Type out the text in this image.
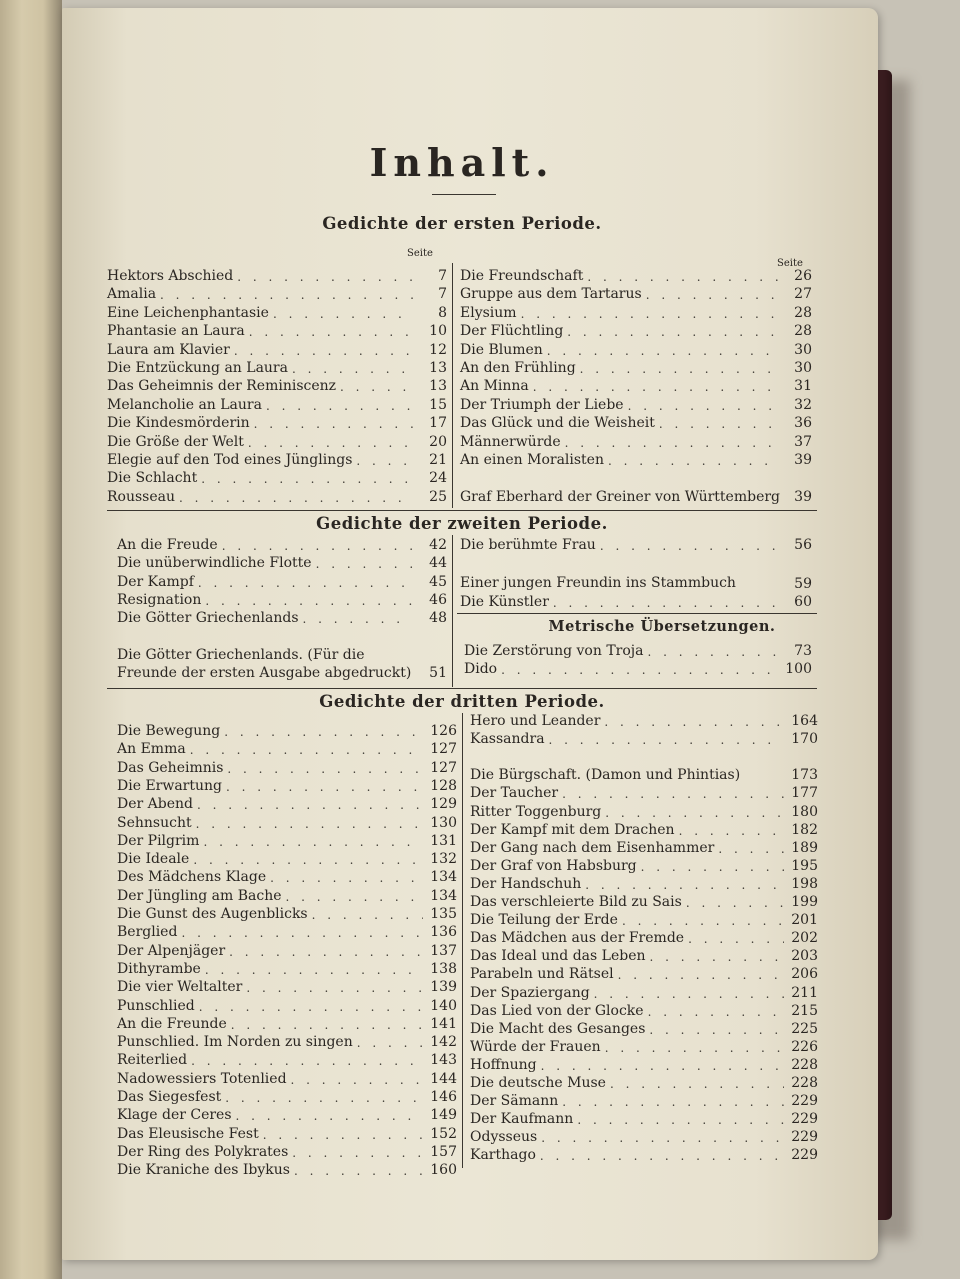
Inhalt.
Gedichte der ersten Periode.
Seite
Seite
Gedichte der zweiten Periode.
Metrische Übersetzungen.
Gedichte der dritten Periode.
Hektors Abschied . . .	7
Amalia . . .	7
Eine Leichenphantasie . . .	8
Phantasie an Laura . . .	10
Laura am Klavier . . .	12
Die Entzückung an Laura . . .	13
Das Geheimnis der Reminiscenz . . .	13
Melancholie an Laura . . .	15
Die Kindesmörderin . . .	17
Die Größe der Welt . . .	20
Elegie auf den Tod eines Jünglings . . .	21
Die Schlacht . . .	24
Rousseau . . .	25
Die Freundschaft . . .	26
Gruppe aus dem Tartarus . . .	27
Elysium . . .	28
Der Flüchtling . . .	28
Die Blumen . . .	30
An den Frühling . . .	30
An Minna . . .	31
Der Triumph der Liebe . . .	32
Das Glück und die Weisheit . . .	36
Männerwürde . . .	37
An einen Moralisten . . .	39
Graf Eberhard der Greiner von Württemberg	39
An die Freude . . .	42
Die unüberwindliche Flotte . . .	44
Der Kampf . . .	45
Resignation . . .	46
Die Götter Griechenlands . . .	48
Die Götter Griechenlands. (Für die Freunde der ersten Ausgabe abgedruckt)	51
Die berühmte Frau . . .	56
Einer jungen Freundin ins Stammbuch	59
Die Künstler . . .	60
Die Zerstörung von Troja . . .	73
Dido . . .	100
Die Bewegung . . .	126
An Emma . . .	127
Das Geheimnis . . .	127
Die Erwartung . . .	128
Der Abend . . .	129
Sehnsucht . . .	130
Der Pilgrim . . .	131
Die Ideale . . .	132
Des Mädchens Klage . . .	134
Der Jüngling am Bache . . .	134
Die Gunst des Augenblicks . . .	135
Berglied . . .	136
Der Alpenjäger . . .	137
Dithyrambe . . .	138
Die vier Weltalter . . .	139
Punschlied . . .	140
An die Freunde . . .	141
Punschlied. Im Norden zu singen . . .	142
Reiterlied . . .	143
Nadowessiers Totenlied . . .	144
Das Siegesfest . . .	146
Klage der Ceres . . .	149
Das Eleusische Fest . . .	152
Der Ring des Polykrates . . .	157
Die Kraniche des Ibykus . . .	160
Hero und Leander . . .	164
Kassandra . . .	170
Die Bürgschaft. (Damon und Phintias)	173
Der Taucher . . .	177
Ritter Toggenburg . . .	180
Der Kampf mit dem Drachen . . .	182
Der Gang nach dem Eisenhammer . . .	189
Der Graf von Habsburg . . .	195
Der Handschuh . . .	198
Das verschleierte Bild zu Sais . . .	199
Die Teilung der Erde . . .	201
Das Mädchen aus der Fremde . . .	202
Das Ideal und das Leben . . .	203
Parabeln und Rätsel . . .	206
Der Spaziergang . . .	211
Das Lied von der Glocke . . .	215
Die Macht des Gesanges . . .	225
Würde der Frauen . . .	226
Hoffnung . . .	228
Die deutsche Muse . . .	228
Der Sämann . . .	229
Der Kaufmann . . .	229
Odysseus . . .	229
Karthago . . .	229
